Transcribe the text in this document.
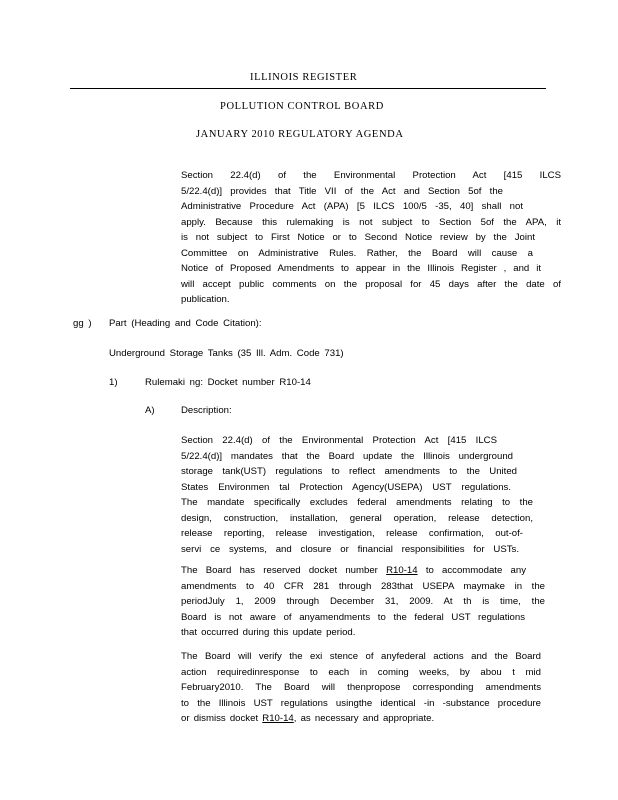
ILLINOIS REGISTER
POLLUTION CONTROL BOARD
JANUARY 2010 REGULATORY AGENDA
Section 22.4(d) of the Environmental Protection Act [415 ILCS
5/22.4(d)] provides that Title VII of the Act and Section 5of the
Administrative Procedure Act (APA) [5 ILCS 100/5 -35, 40] shall not
apply. Because this rulemaking is not subject to Section 5of the APA, it
is not subject to First Notice or to Second Notice review by the Joint
Committee on Administrative Rules. Rather, the Board will cause a
Notice of Proposed Amendments to appear in the Illinois Register , and it
will accept public comments on the proposal for 45 days after the date of
publication.
gg ) Part (Heading and Code Citation):
Underground Storage Tanks (35 Ill. Adm. Code 731)
1)	Rulemaki ng: Docket number R10-14
A)	Description:
Section 22.4(d) of the Environmental Protection Act [415 ILCS
5/22.4(d)] mandates that the Board update the Illinois underground
storage tank(UST) regulations to reflect amendments to the United
States Environmen tal Protection Agency(USEPA) UST regulations.
The mandate specifically excludes federal amendments relating to the
design, construction, installation, general operation, release detection,
release reporting, release investigation, release confirmation, out-of-
servi ce systems, and closure or financial responsibilities for USTs.
The Board has reserved docket number R10-14 to accommodate any
amendments to 40 CFR 281 through 283that USEPA maymake in the
periodJuly 1, 2009 through December 31, 2009. At th is time, the
Board is not aware of anyamendments to the federal UST regulations
that occurred during this update period.
The Board will verify the exi stence of anyfederal actions and the Board
action requiredinresponse to each in coming weeks, by abou t mid
February2010. The Board will thenpropose corresponding amendments
to the Illinois UST regulations usingthe identical -in -substance procedure
or dismiss docket R10-14, as necessary and appropriate.
